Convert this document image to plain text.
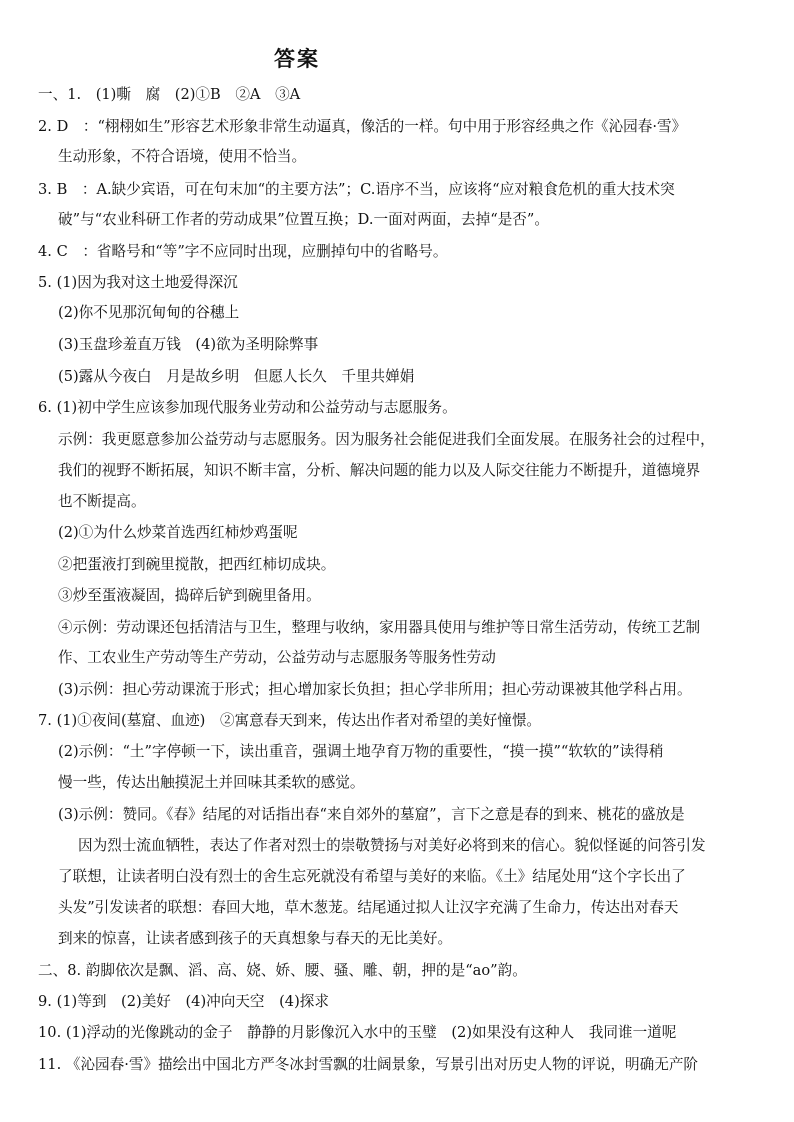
答案
一、1.　(1)嘶　腐　(2)①B　②A　③A
2. D　：“栩栩如生”形容艺术形象非常生动逼真，像活的一样。句中用于形容经典之作《沁园春·雪》
生动形象，不符合语境，使用不恰当。
3. B　：A.缺少宾语，可在句末加“的主要方法”；C.语序不当，应该将“应对粮食危机的重大技术突
破”与“农业科研工作者的劳动成果”位置互换；D.一面对两面，去掉“是否”。
4. C　：省略号和“等”字不应同时出现，应删掉句中的省略号。
5. (1)因为我对这土地爱得深沉
(2)你不见那沉甸甸的谷穗上
(3)玉盘珍羞直万钱　(4)欲为圣明除弊事
(5)露从今夜白　月是故乡明　但愿人长久　千里共婵娟
6. (1)初中学生应该参加现代服务业劳动和公益劳动与志愿服务。
示例：我更愿意参加公益劳动与志愿服务。因为服务社会能促进我们全面发展。在服务社会的过程中，
我们的视野不断拓展，知识不断丰富，分析、解决问题的能力以及人际交往能力不断提升，道德境界
也不断提高。
(2)①为什么炒菜首选西红柿炒鸡蛋呢
②把蛋液打到碗里搅散，把西红柿切成块。
③炒至蛋液凝固，捣碎后铲到碗里备用。
④示例：劳动课还包括清洁与卫生，整理与收纳，家用器具使用与维护等日常生活劳动，传统工艺制
作、工农业生产劳动等生产劳动，公益劳动与志愿服务等服务性劳动
(3)示例：担心劳动课流于形式；担心增加家长负担；担心学非所用；担心劳动课被其他学科占用。
7. (1)①夜间(墓窟、血迹)　②寓意春天到来，传达出作者对希望的美好憧憬。
(2)示例：“土”字停顿一下，读出重音，强调土地孕育万物的重要性，“摸一摸”“软软的”读得稍
慢一些，传达出触摸泥土并回味其柔软的感觉。
(3)示例：赞同。《春》结尾的对话指出春“来自郊外的墓窟”，言下之意是春的到来、桃花的盛放是
因为烈士流血牺牲，表达了作者对烈士的崇敬赞扬与对美好必将到来的信心。貌似怪诞的问答引发
了联想，让读者明白没有烈士的舍生忘死就没有希望与美好的来临。《土》结尾处用“这个字长出了
头发”引发读者的联想：春回大地，草木葱茏。结尾通过拟人让汉字充满了生命力，传达出对春天
到来的惊喜，让读者感到孩子的天真想象与春天的无比美好。
二、8. 韵脚依次是飘、滔、高、娆、娇、腰、骚、雕、朝，押的是“ao”韵。
9. (1)等到　(2)美好　(4)冲向天空　(4)探求
10. (1)浮动的光像跳动的金子　静静的月影像沉入水中的玉璧　(2)如果没有这种人　我同谁一道呢
11. 《沁园春·雪》描绘出中国北方严冬冰封雪飘的壮阔景象，写景引出对历史人物的评说，明确无产阶
